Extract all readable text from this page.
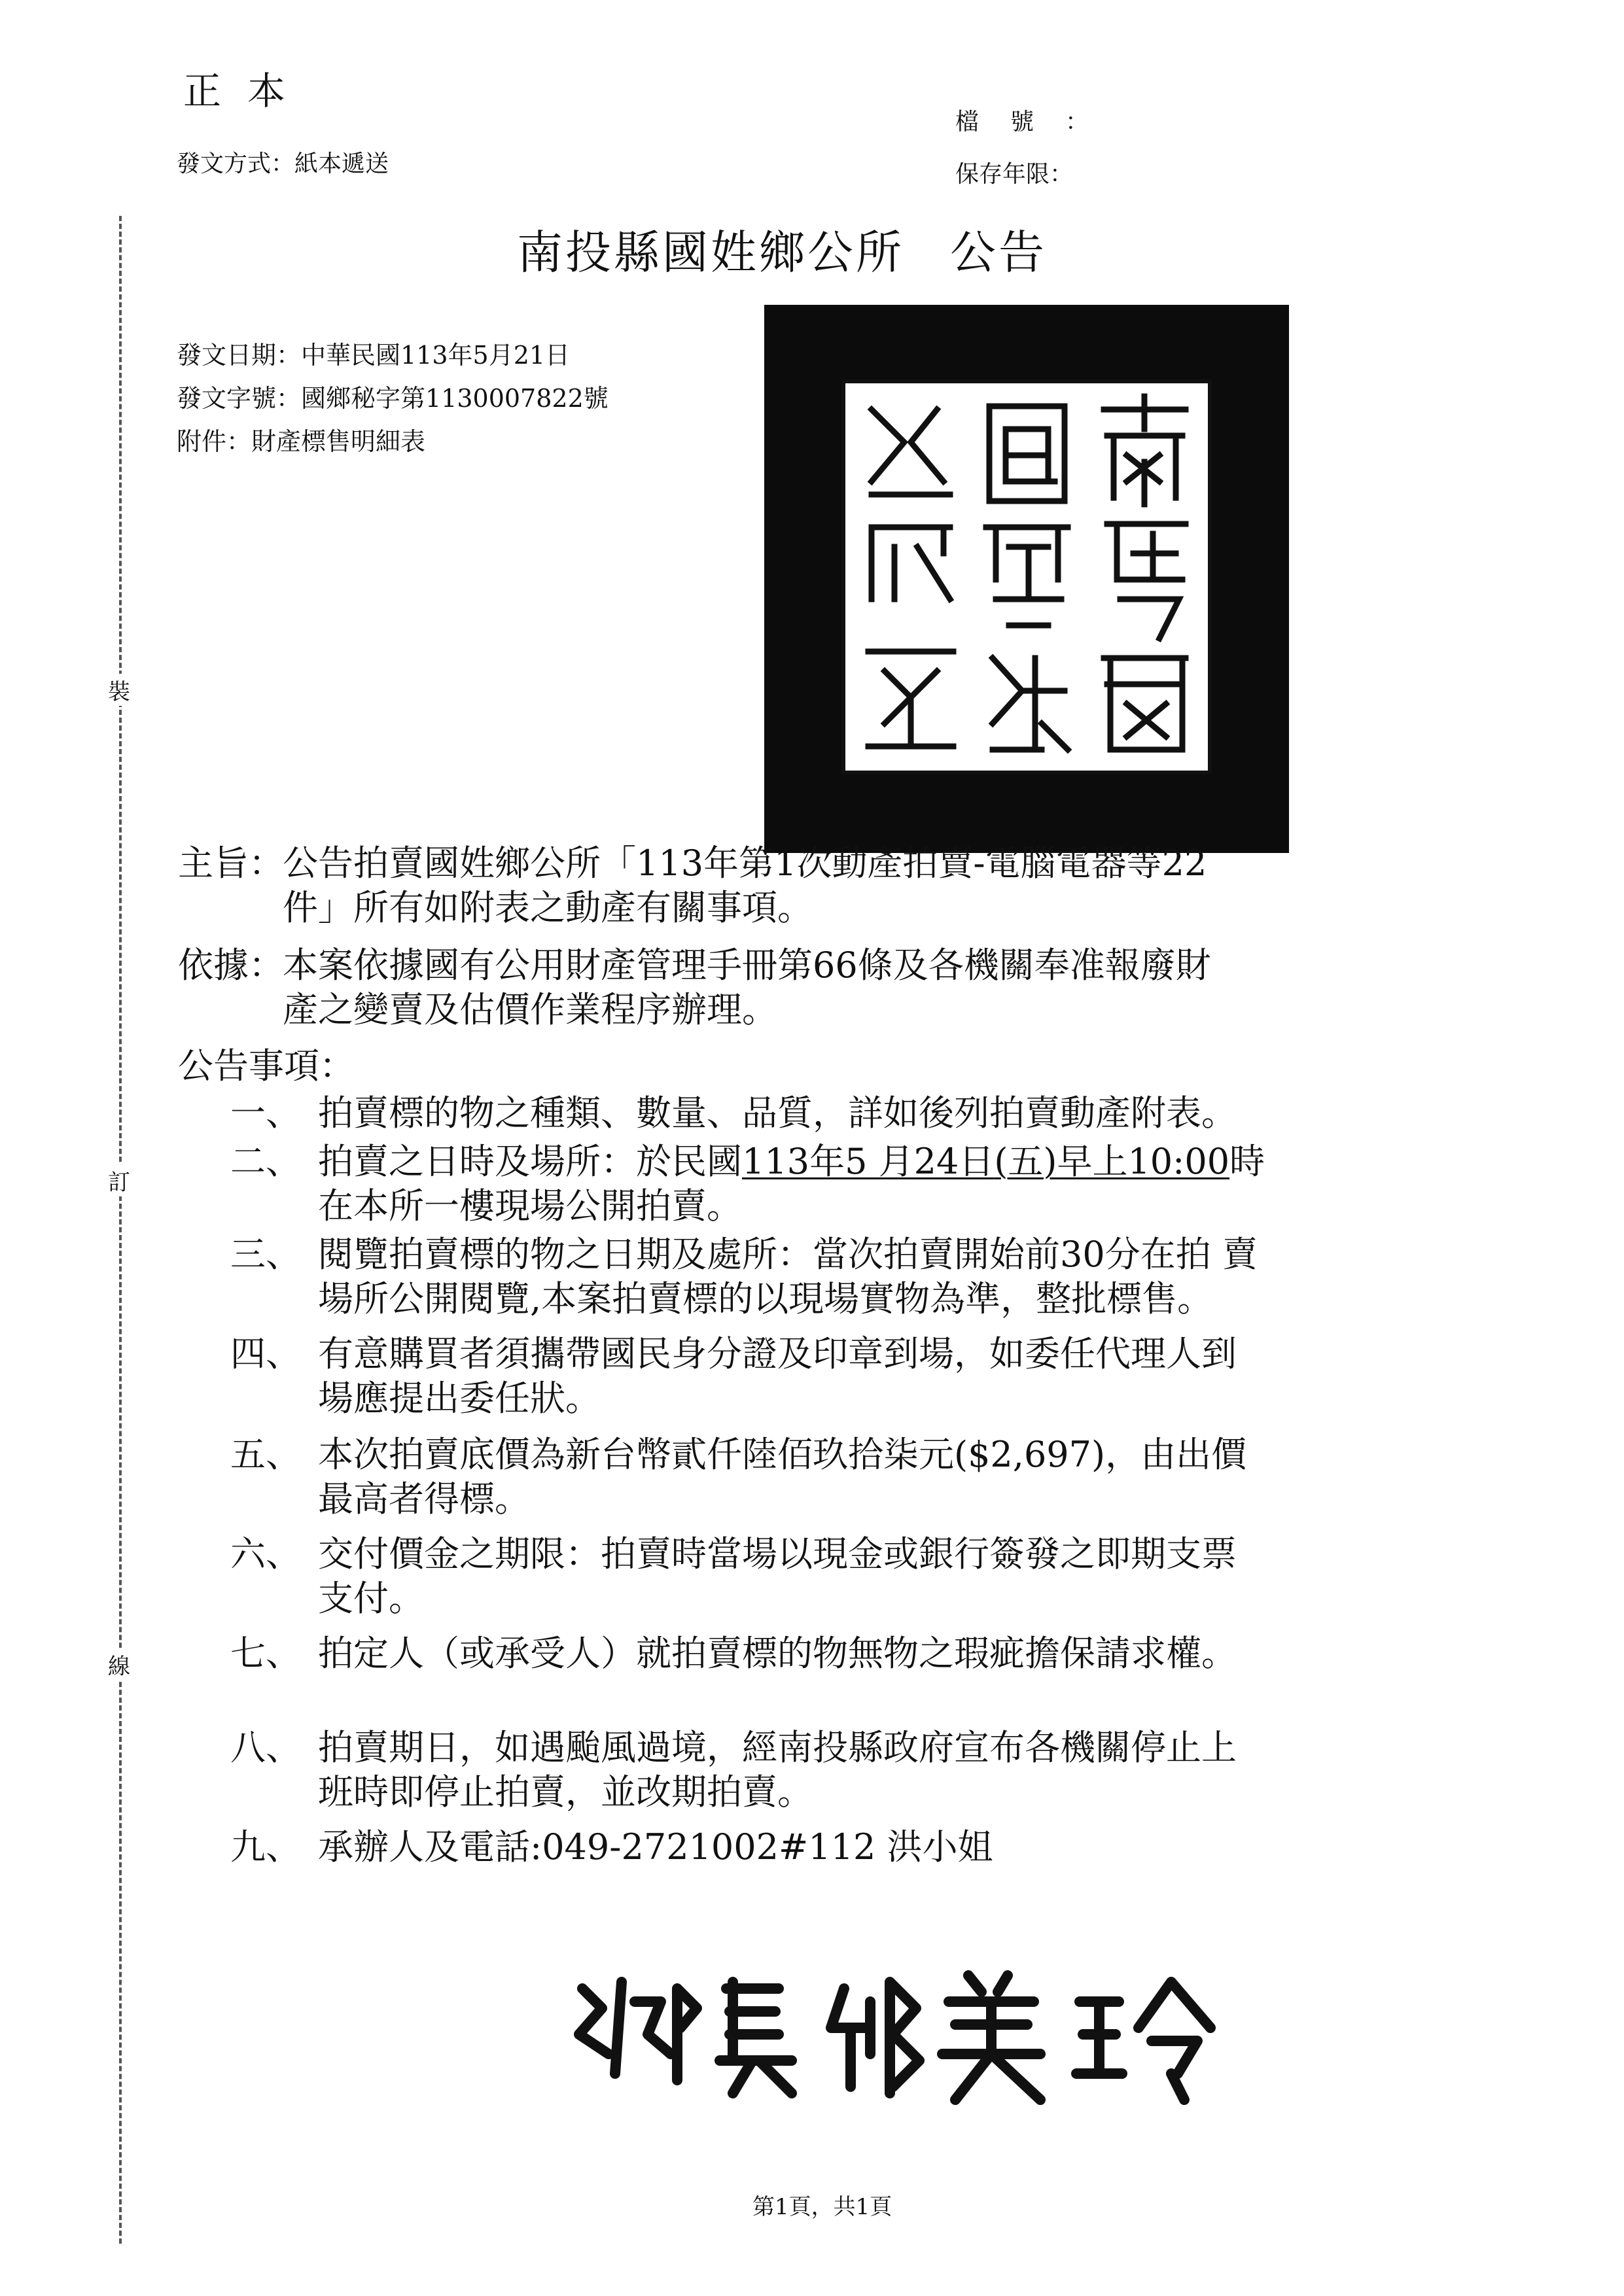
裝
訂
線
正本
發文方式：紙本遞送
檔號：
保存年限：
南投縣國姓鄉公所 公告
發文日期：中華民國113年5月21日
發文字號：國鄉秘字第1130007822號
附件：財產標售明細表
主旨：
公告拍賣國姓鄉公所「113年第1次動產拍賣-電腦電器等22
件」所有如附表之動產有關事項。
依據：
本案依據國有公用財產管理手冊第66條及各機關奉准報廢財
產之變賣及估價作業程序辦理。
公告事項：
一、 拍賣標的物之種類、數量、品質，詳如後列拍賣動產附表。
二、 拍賣之日時及場所：於民國113年5 月24日(五)早上10:00時
在本所一樓現場公開拍賣。
三、 閱覽拍賣標的物之日期及處所：當次拍賣開始前30分在拍 賣
場所公開閱覽,本案拍賣標的以現場實物為準，整批標售。
四、 有意購買者須攜帶國民身分證及印章到場，如委任代理人到
場應提出委任狀。
五、 本次拍賣底價為新台幣貳仟陸佰玖拾柒元($2,697)，由出價
最高者得標。
六、 交付價金之期限：拍賣時當場以現金或銀行簽發之即期支票
支付。
七、 拍定人（或承受人）就拍賣標的物無物之瑕疵擔保請求權。
八、 拍賣期日，如遇颱風過境，經南投縣政府宣布各機關停止上
班時即停止拍賣，並改期拍賣。
九、 承辦人及電話:049-2721002#112 洪小姐
第1頁，共1頁
